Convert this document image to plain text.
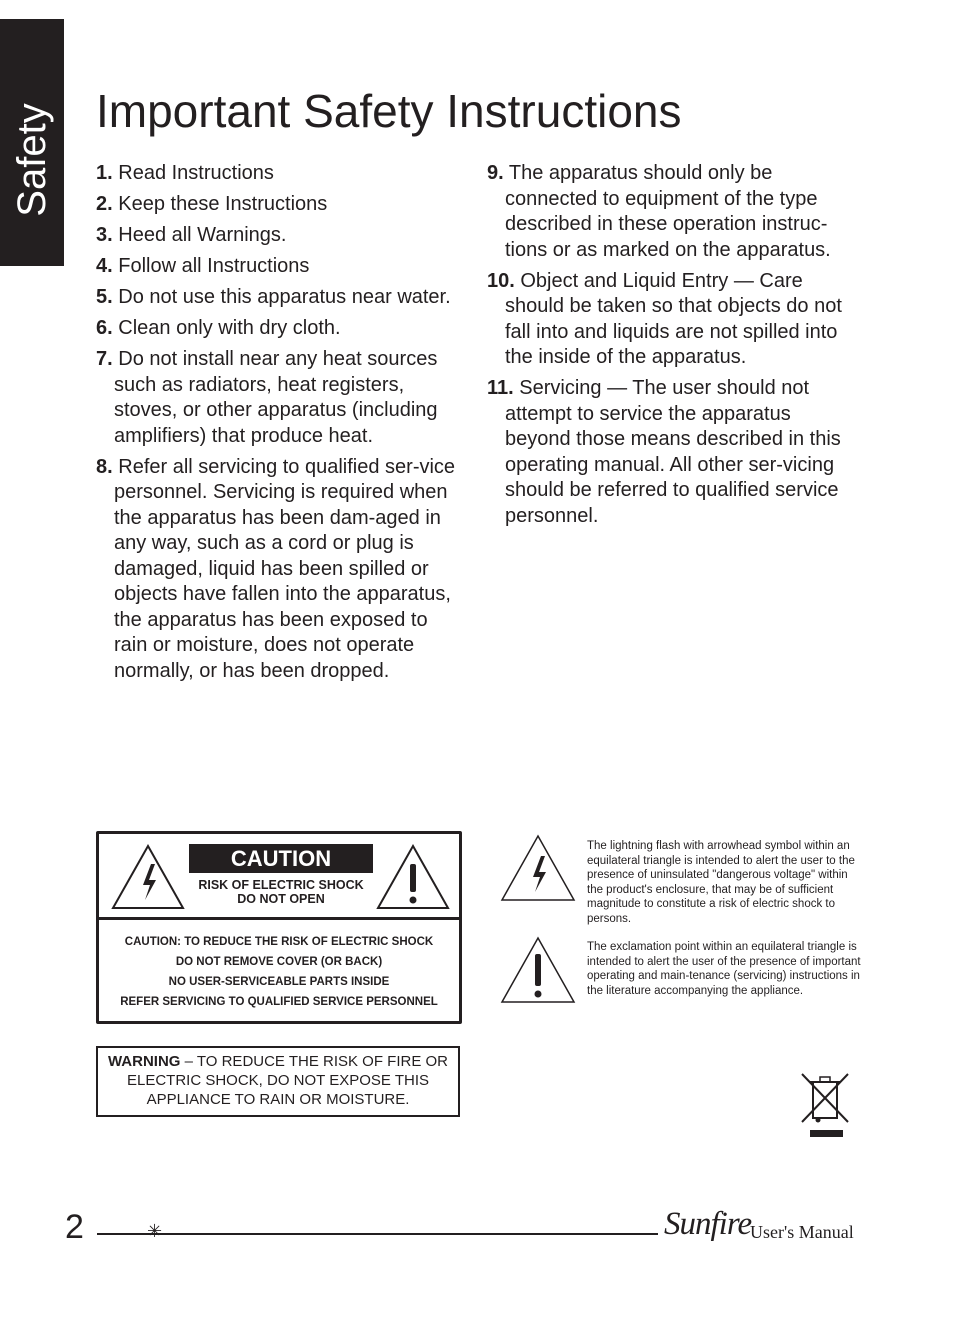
Safety Important Safety Instructions

1. Read Instructions

2. Keep these Instructions

3. Heed all Warnings.

4. Follow all Instructions

5. Do not use this apparatus near water.

6. Clean only with dry cloth.

7. Do not install near any heat sources such as radiators, heat registers, stoves, or other apparatus (including amplifiers) that produce heat.

8. Refer all servicing to qualified ser-vice personnel. Servicing is required when the apparatus has been dam-aged in any way, such as a cord or plug is damaged, liquid has been spilled or objects have fallen into the apparatus, the apparatus has been exposed to rain or moisture, does not operate normally, or has been dropped.

9. The apparatus should only be connected to equipment of the type described in these operation instruc-tions or as marked on the apparatus.

10. Object and Liquid Entry — Care should be taken so that objects do not fall into and liquids are not spilled into the inside of the apparatus.

11. Servicing — The user should not attempt to service the apparatus beyond those means described in this operating manual. All other ser-vicing should be referred to qualified service personnel.

CAUTION
RISK OF ELECTRIC SHOCK
DO NOT OPEN
CAUTION: TO REDUCE THE RISK OF ELECTRIC SHOCK
DO NOT REMOVE COVER (OR BACK)
NO USER-SERVICEABLE PARTS INSIDE
REFER SERVICING TO QUALIFIED SERVICE PERSONNEL
WARNING – TO REDUCE THE RISK OF FIRE OR ELECTRIC SHOCK, DO NOT EXPOSE THIS APPLIANCE TO RAIN OR MOISTURE.
The lightning flash with arrowhead symbol within an equilateral triangle is intended to alert the user to the presence of uninsulated "dangerous voltage" within the product's enclosure, that may be of sufficient magnitude to constitute a risk of electric shock to persons.
The exclamation point within an equilateral triangle is intended to alert the user of the presence of important operating and main-tenance (servicing) instructions in the literature accompanying the appliance.
2	✳	Sunfire
User's Manual
